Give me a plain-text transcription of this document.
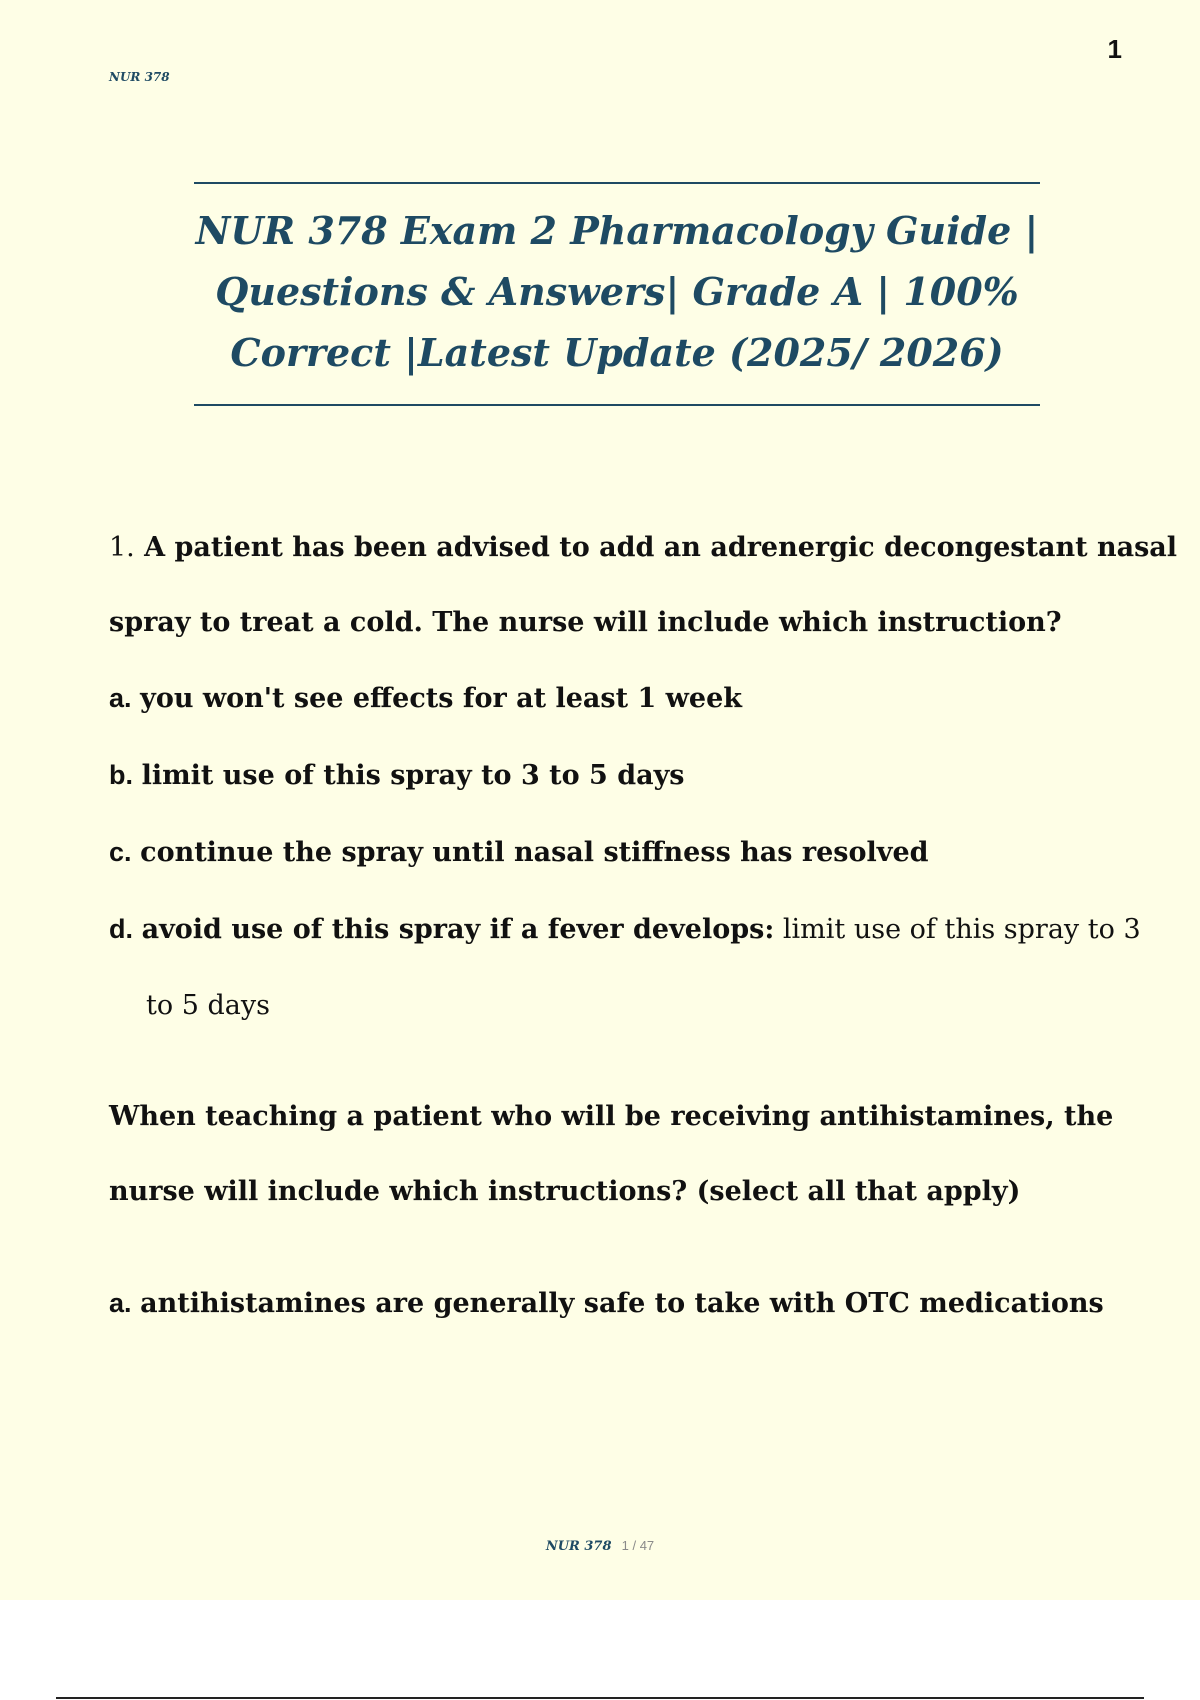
1
NUR 378
NUR 378 Exam 2 Pharmacology Guide |
Questions & Answers| Grade A | 100%
Correct |Latest Update (2025/ 2026)
1. A patient has been advised to add an adrenergic decongestant nasal
spray to treat a cold. The nurse will include which instruction?
a. you won't see effects for at least 1 week
b. limit use of this spray to 3 to 5 days
c. continue the spray until nasal stiffness has resolved
d. avoid use of this spray if a fever develops: limit use of this spray to 3
to 5 days
When teaching a patient who will be receiving antihistamines, the
nurse will include which instructions? (select all that apply)
a. antihistamines are generally safe to take with OTC medications
NUR 378 1 / 47
